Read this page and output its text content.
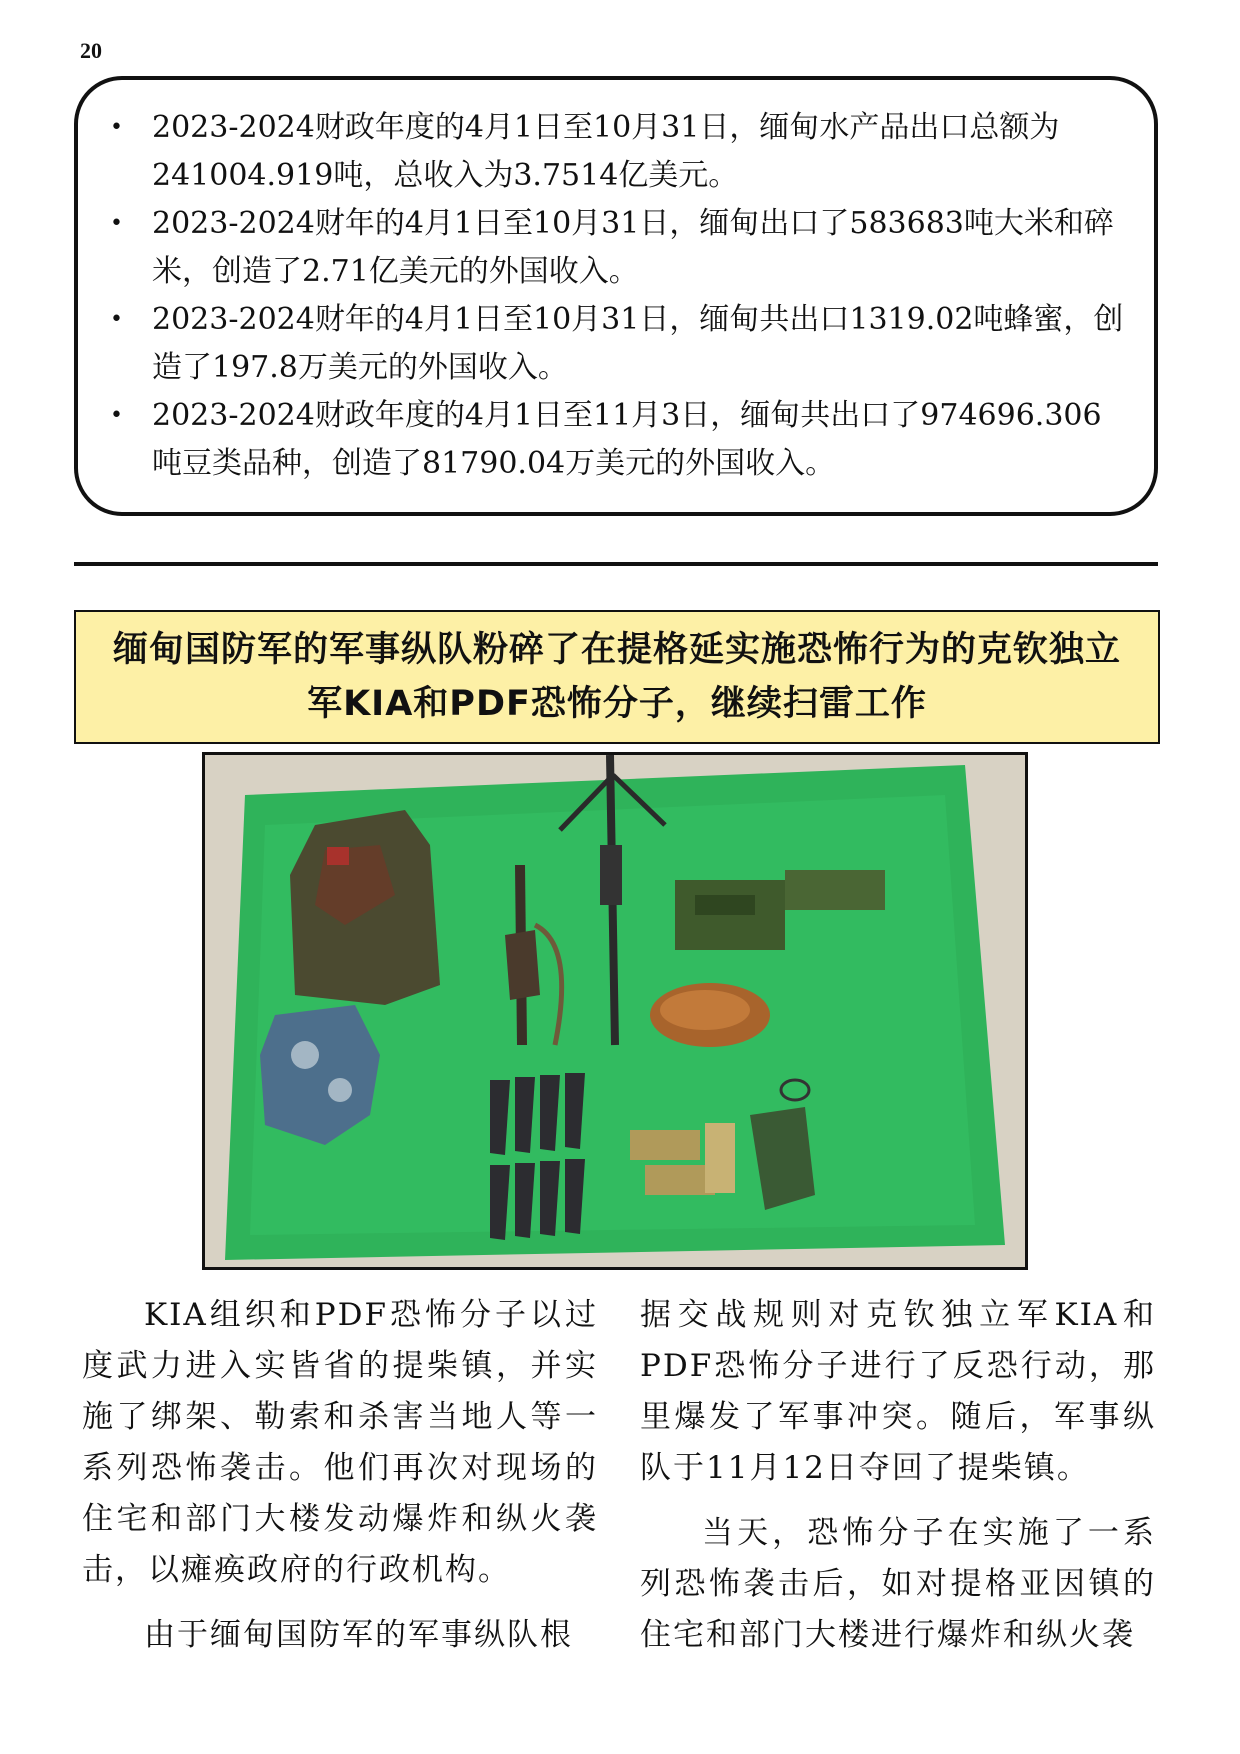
20
• 2023-2024财政年度的4月1日至10月31日，缅甸水产品出口总额为241004.919吨，总收入为3.7514亿美元。
• 2023-2024财年的4月1日至10月31日，缅甸出口了583683吨大米和碎米，创造了2.71亿美元的外国收入。
• 2023-2024财年的4月1日至10月31日，缅甸共出口1319.02吨蜂蜜，创造了197.8万美元的外国收入。
• 2023-2024财政年度的4月1日至11月3日，缅甸共出口了974696.306吨豆类品种，创造了81790.04万美元的外国收入。
缅甸国防军的军事纵队粉碎了在提格延实施恐怖行为的克钦独立
军KIA和PDF恐怖分子，继续扫雷工作

KIA组织和PDF恐怖分子以过度武力进入实皆省的提柴镇，并实施了绑架、勒索和杀害当地人等一系列恐怖袭击。他们再次对现场的住宅和部门大楼发动爆炸和纵火袭击，以瘫痪政府的行政机构。

由于缅甸国防军的军事纵队根

据交战规则对克钦独立军KIA和PDF恐怖分子进行了反恐行动，那里爆发了军事冲突。随后，军事纵队于11月12日夺回了提柴镇。

当天，恐怖分子在实施了一系列恐怖袭击后，如对提格亚因镇的住宅和部门大楼进行爆炸和纵火袭
